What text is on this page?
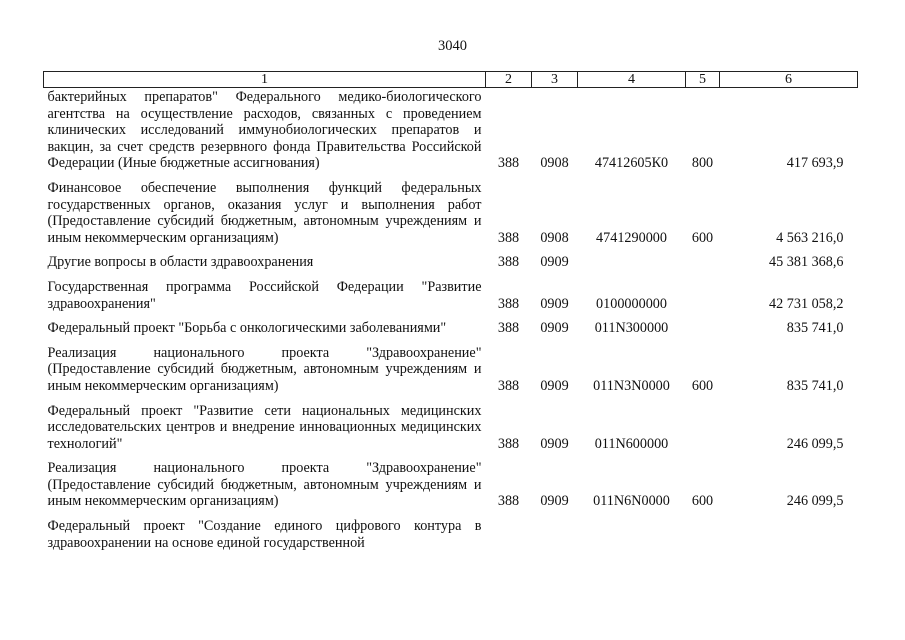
3040
1	2	3	4	5	6
бактерийных препаратов" Федерального медико-биологического агентства на осуществление расходов, связанных с проведением клинических исследований иммунобиологических препаратов и вакцин, за счет средств резервного фонда Правительства Российской Федерации (Иные бюджетные ассигнования)	388	0908	47412605К0	800	417 693,9
Финансовое обеспечение выполнения функций федеральных государственных органов, оказания услуг и выполнения работ (Предоставление субсидий бюджетным, автономным учреждениям и иным некоммерческим организациям)	388	0908	4741290000	600	4 563 216,0
Другие вопросы в области здравоохранения	388	0909			45 381 368,6
Государственная программа Российской Федерации "Развитие здравоохранения"	388	0909	0100000000		42 731 058,2
Федеральный проект "Борьба с онкологическими заболеваниями"	388	0909	011N300000		835 741,0
Реализация национального проекта "Здравоохранение" (Предоставление субсидий бюджетным, автономным учреждениям и иным некоммерческим организациям)	388	0909	011N3N0000	600	835 741,0
Федеральный проект "Развитие сети национальных медицинских исследовательских центров и внедрение инновационных медицинских технологий"	388	0909	011N600000		246 099,5
Реализация национального проекта "Здравоохранение" (Предоставление субсидий бюджетным, автономным учреждениям и иным некоммерческим организациям)	388	0909	011N6N0000	600	246 099,5
Федеральный проект "Создание единого цифрового контура в здравоохранении на основе единой государственной					
